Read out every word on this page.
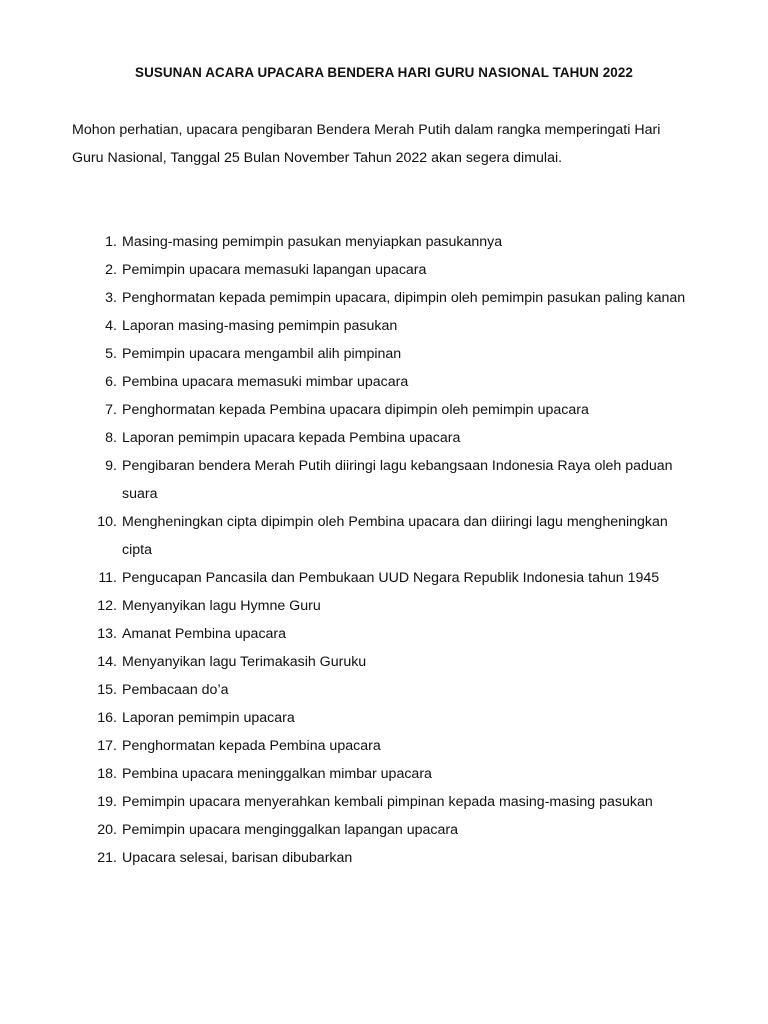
SUSUNAN ACARA UPACARA BENDERA HARI GURU NASIONAL TAHUN 2022

Mohon perhatian, upacara pengibaran Bendera Merah Putih dalam rangka memperingati Hari Guru Nasional, Tanggal 25 Bulan November Tahun 2022 akan segera dimulai.

1. Masing-masing pemimpin pasukan menyiapkan pasukannya
2. Pemimpin upacara memasuki lapangan upacara
3. Penghormatan kepada pemimpin upacara, dipimpin oleh pemimpin pasukan paling kanan
4. Laporan masing-masing pemimpin pasukan
5. Pemimpin upacara mengambil alih pimpinan
6. Pembina upacara memasuki mimbar upacara
7. Penghormatan kepada Pembina upacara dipimpin oleh pemimpin upacara
8. Laporan pemimpin upacara kepada Pembina upacara
9. Pengibaran bendera Merah Putih diiringi lagu kebangsaan Indonesia Raya oleh paduan suara
10. Mengheningkan cipta dipimpin oleh Pembina upacara dan diiringi lagu mengheningkan cipta
11. Pengucapan Pancasila dan Pembukaan UUD Negara Republik Indonesia tahun 1945
12. Menyanyikan lagu Hymne Guru
13. Amanat Pembina upacara
14. Menyanyikan lagu Terimakasih Guruku
15. Pembacaan do’a
16. Laporan pemimpin upacara
17. Penghormatan kepada Pembina upacara
18. Pembina upacara meninggalkan mimbar upacara
19. Pemimpin upacara menyerahkan kembali pimpinan kepada masing-masing pasukan
20. Pemimpin upacara menginggalkan lapangan upacara
21. Upacara selesai, barisan dibubarkan
